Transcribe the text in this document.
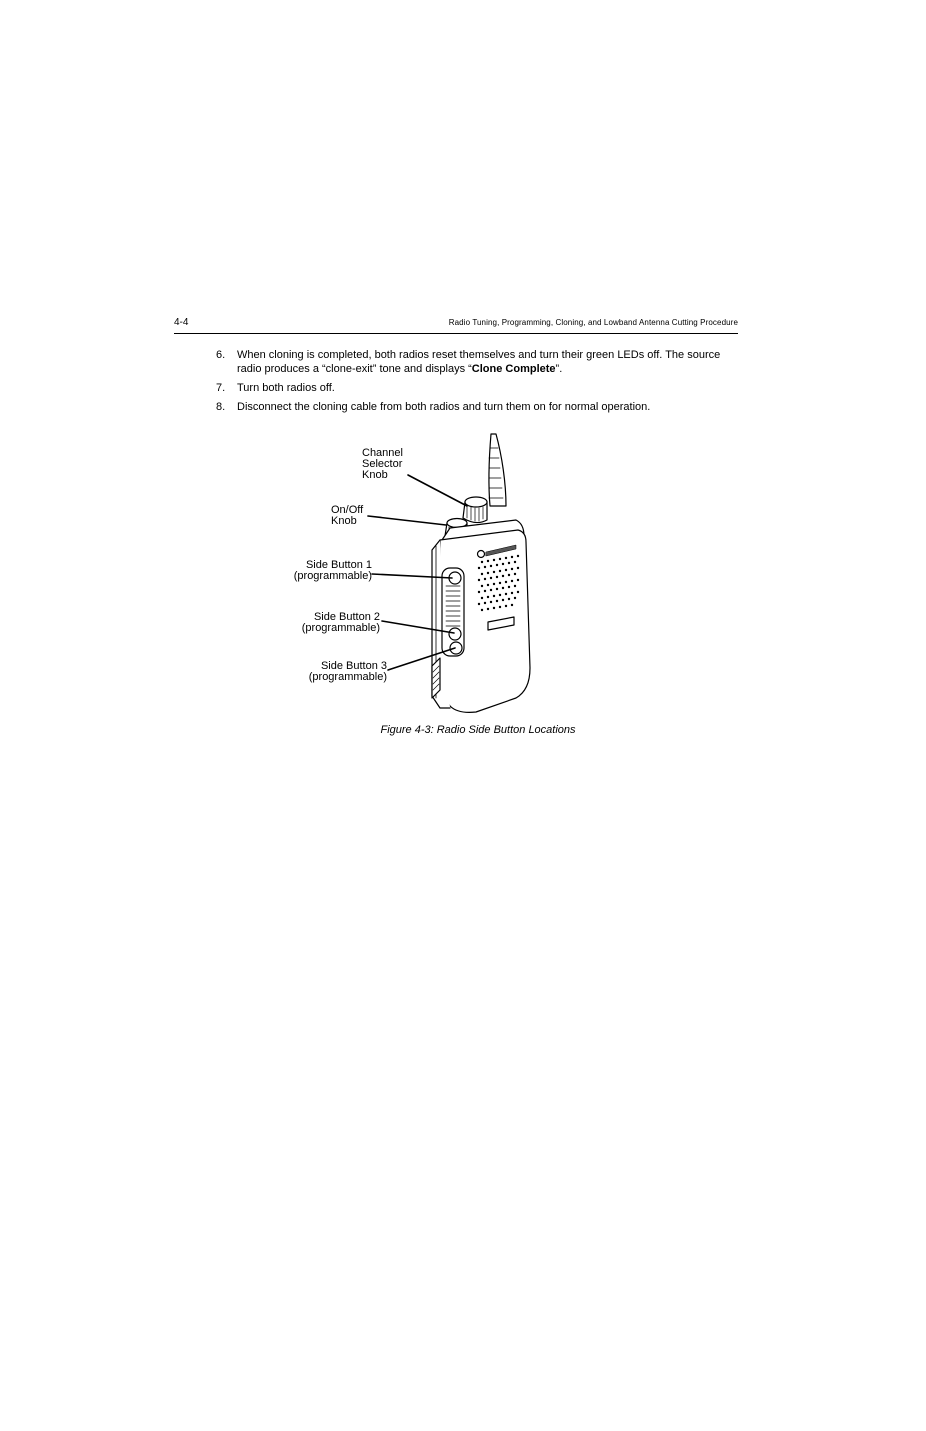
4-4	Radio Tuning, Programming, Cloning, and Lowband Antenna Cutting Procedure
6. When cloning is completed, both radios reset themselves and turn their green LEDs off. The source radio produces a “clone-exit” tone and displays “Clone Complete”.
7. Turn both radios off.
8. Disconnect the cloning cable from both radios and turn them on for normal operation.
Channel
Selector
Knob
On/Off
Knob
Side Button 1
(programmable)
Side Button 2
(programmable)
Side Button 3
(programmable)
Figure 4-3: Radio Side Button Locations
